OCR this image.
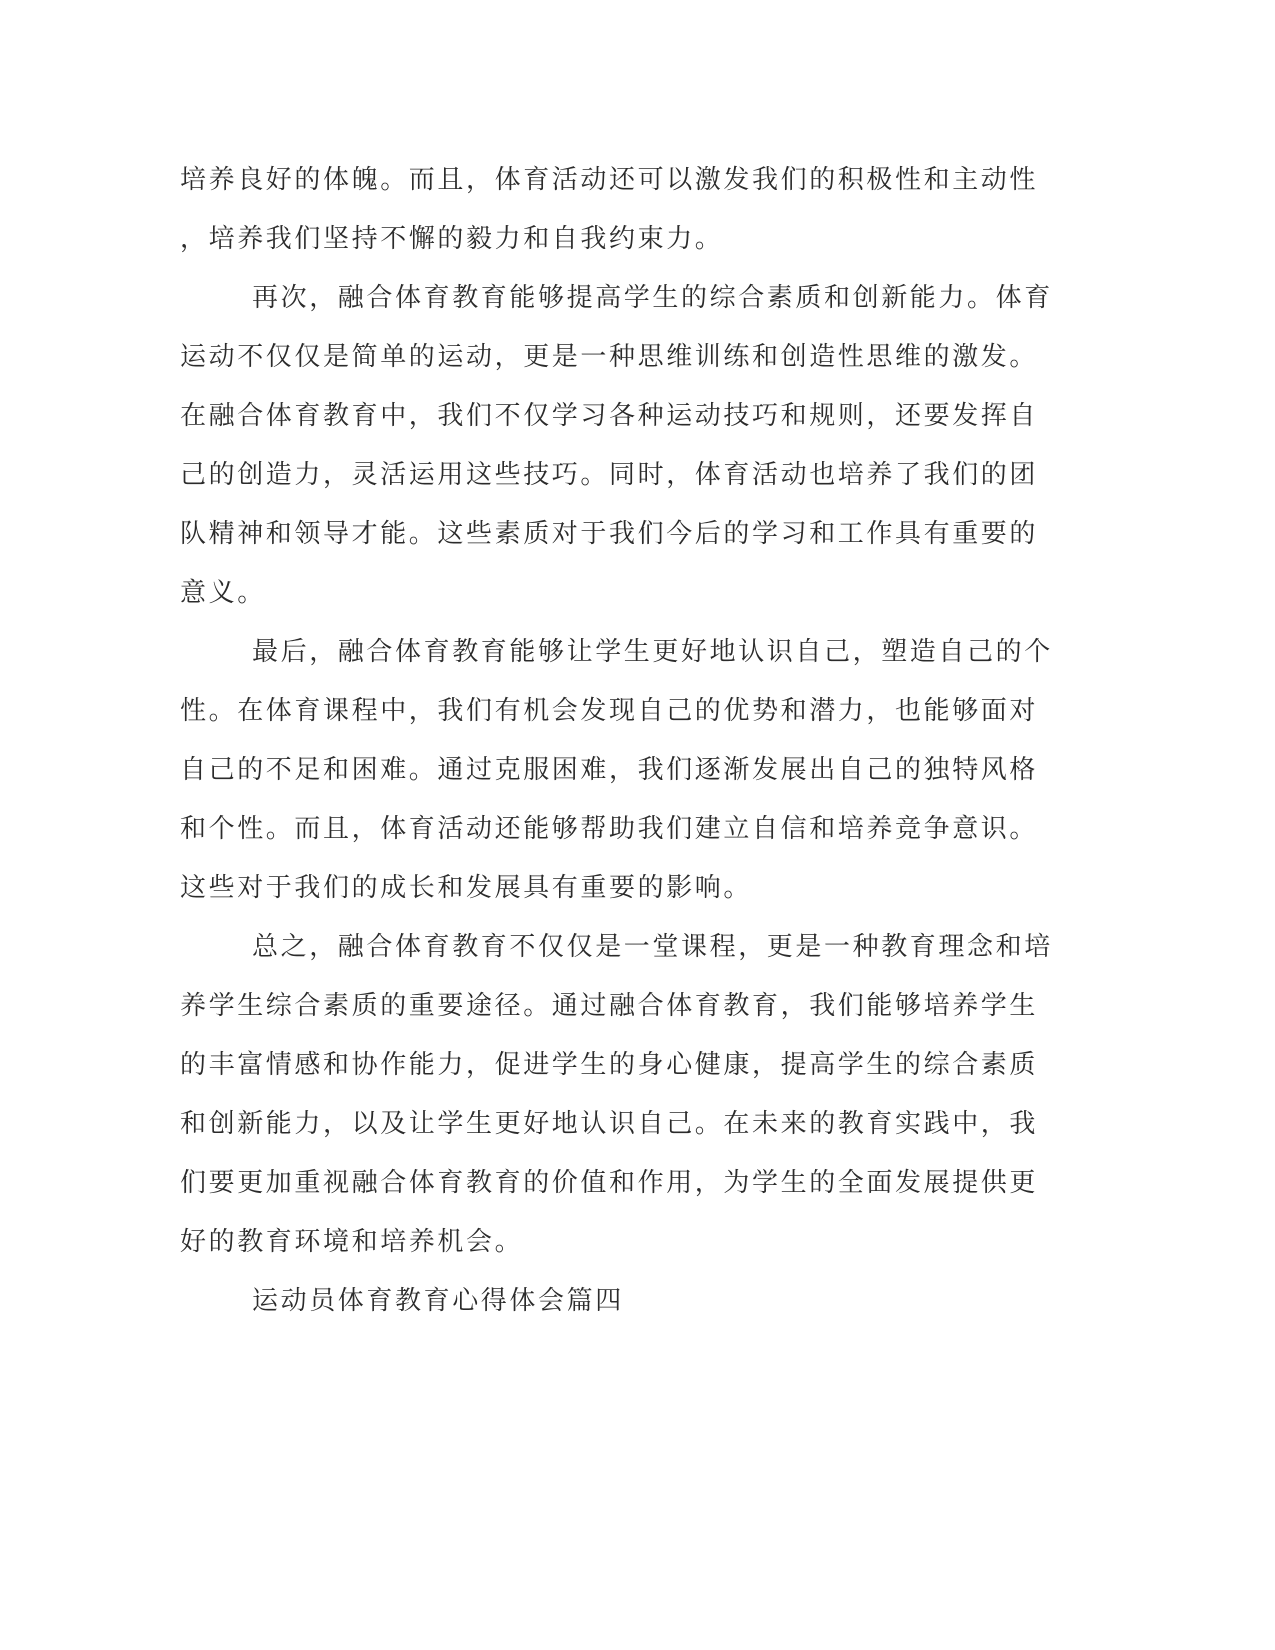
培养良好的体魄。而且，体育活动还可以激发我们的积极性和主动性
，培养我们坚持不懈的毅力和自我约束力。
再次，融合体育教育能够提高学生的综合素质和创新能力。体育
运动不仅仅是简单的运动，更是一种思维训练和创造性思维的激发。
在融合体育教育中，我们不仅学习各种运动技巧和规则，还要发挥自
己的创造力，灵活运用这些技巧。同时，体育活动也培养了我们的团
队精神和领导才能。这些素质对于我们今后的学习和工作具有重要的
意义。
最后，融合体育教育能够让学生更好地认识自己，塑造自己的个
性。在体育课程中，我们有机会发现自己的优势和潜力，也能够面对
自己的不足和困难。通过克服困难，我们逐渐发展出自己的独特风格
和个性。而且，体育活动还能够帮助我们建立自信和培养竞争意识。
这些对于我们的成长和发展具有重要的影响。
总之，融合体育教育不仅仅是一堂课程，更是一种教育理念和培
养学生综合素质的重要途径。通过融合体育教育，我们能够培养学生
的丰富情感和协作能力，促进学生的身心健康，提高学生的综合素质
和创新能力，以及让学生更好地认识自己。在未来的教育实践中，我
们要更加重视融合体育教育的价值和作用，为学生的全面发展提供更
好的教育环境和培养机会。
运动员体育教育心得体会篇四
